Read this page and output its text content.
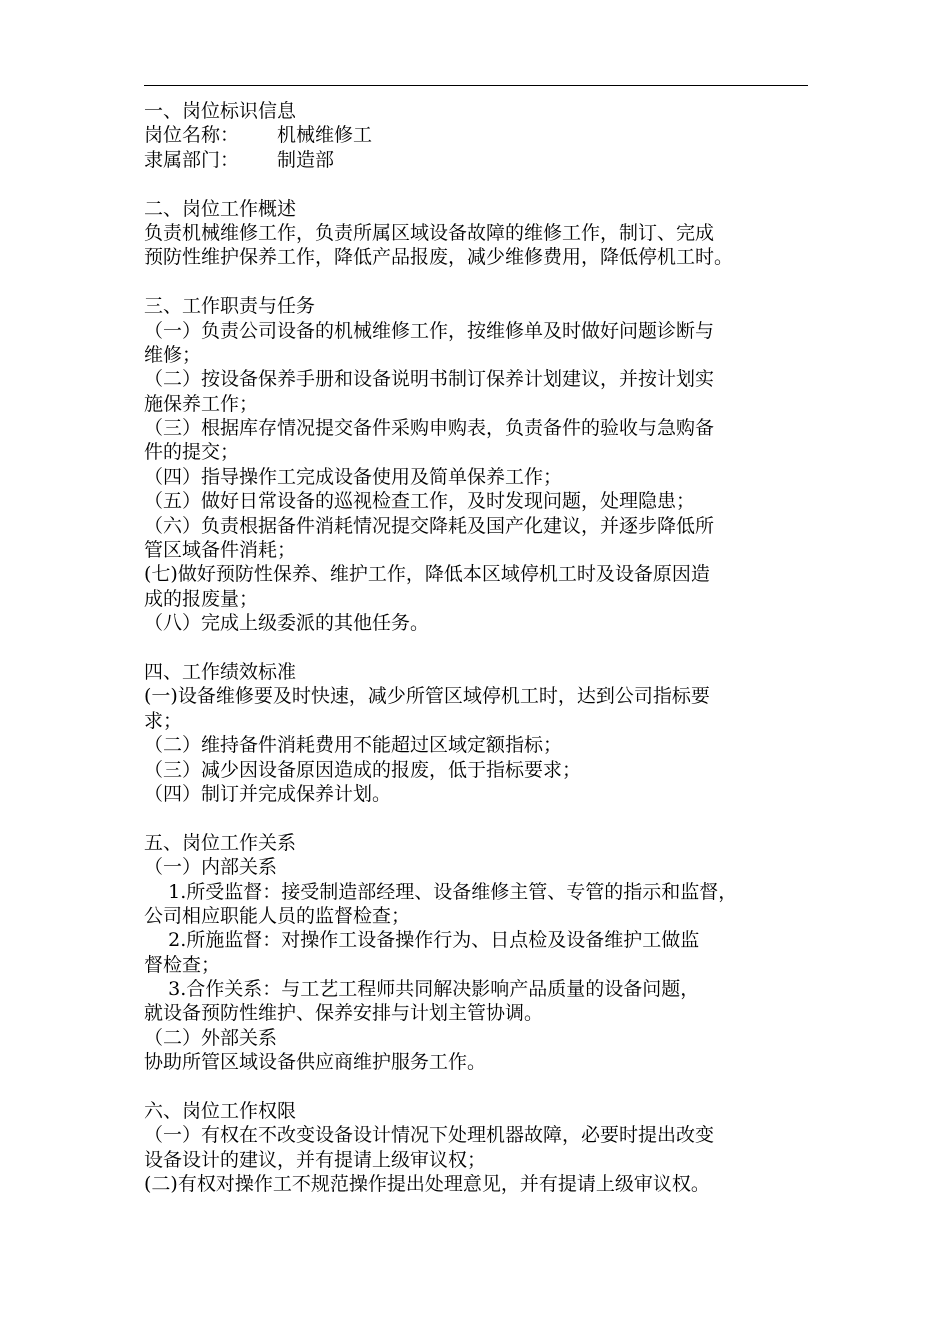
一、岗位标识信息
岗位名称： 机械维修工
隶属部门： 制造部
二、岗位工作概述
负责机械维修工作，负责所属区域设备故障的维修工作，制订、完成
预防性维护保养工作，降低产品报废，减少维修费用，降低停机工时。
三、工作职责与任务
（一）负责公司设备的机械维修工作，按维修单及时做好问题诊断与
维修；
（二）按设备保养手册和设备说明书制订保养计划建议，并按计划实
施保养工作；
（三）根据库存情况提交备件采购申购表，负责备件的验收与急购备
件的提交；
（四）指导操作工完成设备使用及简单保养工作；
（五）做好日常设备的巡视检查工作，及时发现问题，处理隐患；
（六）负责根据备件消耗情况提交降耗及国产化建议，并逐步降低所
管区域备件消耗；
(七)做好预防性保养、维护工作，降低本区域停机工时及设备原因造
成的报废量；
（八）完成上级委派的其他任务。
四、工作绩效标准
(一)设备维修要及时快速，减少所管区域停机工时，达到公司指标要
求；
（二）维持备件消耗费用不能超过区域定额指标；
（三）减少因设备原因造成的报废，低于指标要求；
（四）制订并完成保养计划。
五、岗位工作关系
（一）内部关系
1.所受监督：接受制造部经理、设备维修主管、专管的指示和监督，
公司相应职能人员的监督检查；
2.所施监督：对操作工设备操作行为、日点检及设备维护工做监
督检查；
3.合作关系：与工艺工程师共同解决影响产品质量的设备问题，
就设备预防性维护、保养安排与计划主管协调。
（二）外部关系
协助所管区域设备供应商维护服务工作。
六、岗位工作权限
（一）有权在不改变设备设计情况下处理机器故障，必要时提出改变
设备设计的建议，并有提请上级审议权；
(二)有权对操作工不规范操作提出处理意见，并有提请上级审议权。
